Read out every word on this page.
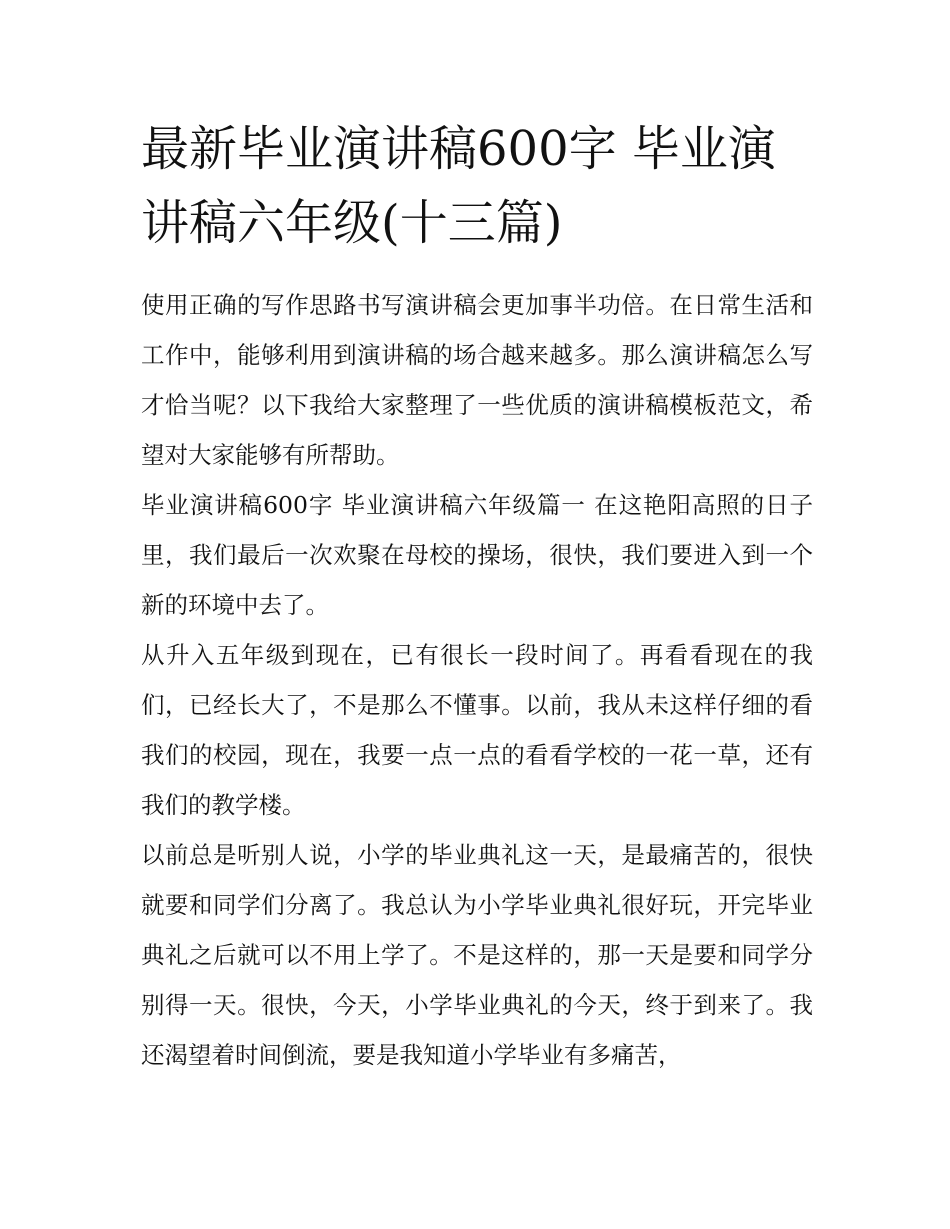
最新毕业演讲稿600字 毕业演讲稿六年级(十三篇)

使用正确的写作思路书写演讲稿会更加事半功倍。在日常生活和工作中，能够利用到演讲稿的场合越来越多。那么演讲稿怎么写才恰当呢？以下我给大家整理了一些优质的演讲稿模板范文，希望对大家能够有所帮助。

毕业演讲稿600字 毕业演讲稿六年级篇一 在这艳阳高照的日子里，我们最后一次欢聚在母校的操场，很快，我们要进入到一个新的环境中去了。

从升入五年级到现在，已有很长一段时间了。再看看现在的我们，已经长大了，不是那么不懂事。以前，我从未这样仔细的看我们的校园，现在，我要一点一点的看看学校的一花一草，还有我们的教学楼。

以前总是听别人说，小学的毕业典礼这一天，是最痛苦的，很快就要和同学们分离了。我总认为小学毕业典礼很好玩，开完毕业典礼之后就可以不用上学了。不是这样的，那一天是要和同学分别得一天。很快，今天，小学毕业典礼的今天，终于到来了。我还渴望着时间倒流，要是我知道小学毕业有多痛苦，
